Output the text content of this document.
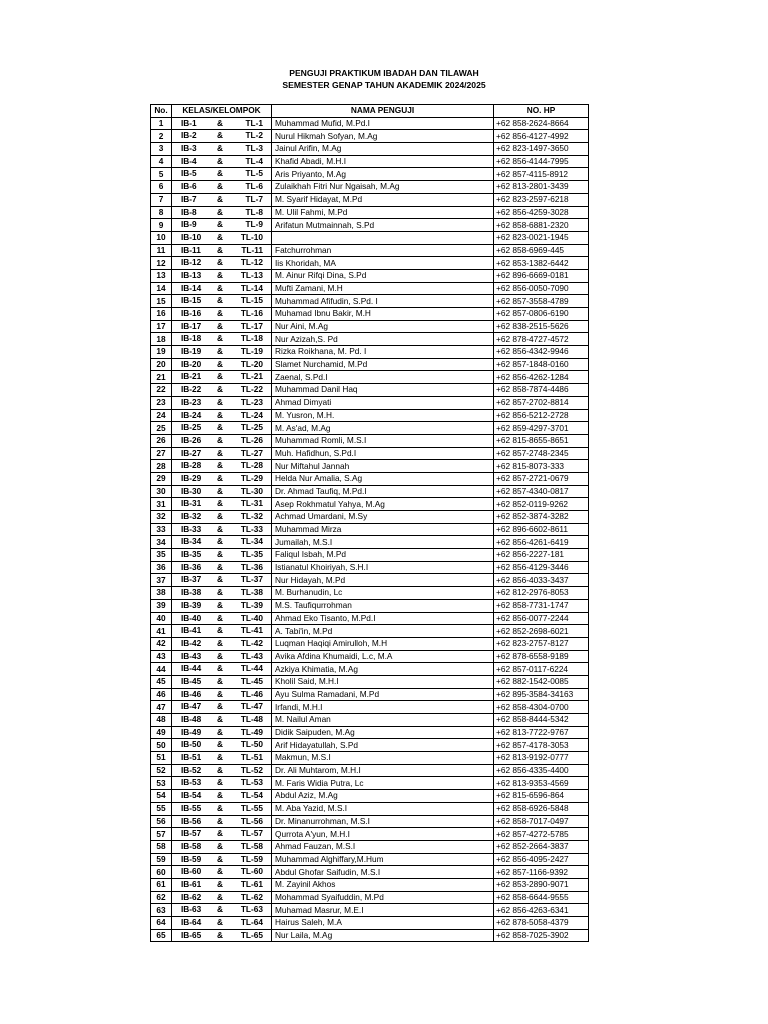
PENGUJI PRAKTIKUM IBADAH DAN TILAWAH
SEMESTER GENAP TAHUN AKADEMIK 2024/2025
No.	KELAS/KELOMPOK	NAMA PENGUJI	NO. HP
1	IB-1 & TL-1	Muhammad Mufid, M.Pd.I	+62 858-2624-8664
2	IB-2 & TL-2	Nurul Hikmah Sofyan, M.Ag	+62 856-4127-4992
3	IB-3 & TL-3	Jainul Arifin, M.Ag	+62 823-1497-3650
4	IB-4 & TL-4	Khafid Abadi, M.H.I	+62 856-4144-7995
5	IB-5 & TL-5	Aris Priyanto, M.Ag	+62 857-4115-8912
6	IB-6 & TL-6	Zulaikhah Fitri Nur Ngaisah, M.Ag	+62 813-2801-3439
7	IB-7 & TL-7	M. Syarif Hidayat, M.Pd	+62 823-2597-6218
8	IB-8 & TL-8	M. Ulil Fahmi, M.Pd	+62 856-4259-3028
9	IB-9 & TL-9	Arifatun Mutmainnah, S.Pd	+62 858-6881-2320
10	IB-10 & TL-10		+62 823-0021-1945
11	IB-11 & TL-11	Fatchurrohman	+62 858-6969-445
12	IB-12 & TL-12	Iis Khoridah, MA	+62 853-1382-6442
13	IB-13 & TL-13	M. Ainur Rifqi Dina, S.Pd	+62 896-6669-0181
14	IB-14 & TL-14	Mufti Zamani, M.H	+62 856-0050-7090
15	IB-15 & TL-15	Muhammad Afifudin, S.Pd. I	+62 857-3558-4789
16	IB-16 & TL-16	Muhamad Ibnu Bakir, M.H	+62 857-0806-6190
17	IB-17 & TL-17	Nur Aini, M.Ag	+62 838-2515-5626
18	IB-18 & TL-18	Nur Azizah,S. Pd	+62 878-4727-4572
19	IB-19 & TL-19	Rizka Roikhana, M. Pd. I	+62 856-4342-9946
20	IB-20 & TL-20	Slamet Nurchamid, M.Pd	+62 857-1848-0160
21	IB-21 & TL-21	Zaenal, S.Pd.I	+62 856-4262-1284
22	IB-22 & TL-22	Muhammad Danil Haq	+62 858-7874-4486
23	IB-23 & TL-23	Ahmad Dimyati	+62 857-2702-8814
24	IB-24 & TL-24	M. Yusron, M.H.	+62 856-5212-2728
25	IB-25 & TL-25	M. As'ad, M.Ag	+62 859-4297-3701
26	IB-26 & TL-26	Muhammad Romli, M.S.I	+62 815-8655-8651
27	IB-27 & TL-27	Muh. Hafidhun, S.Pd.I	+62 857-2748-2345
28	IB-28 & TL-28	Nur Miftahul Jannah	+62 815-8073-333
29	IB-29 & TL-29	Helda Nur Amalia, S.Ag	+62 857-2721-0679
30	IB-30 & TL-30	Dr. Ahmad Taufiq, M.Pd.I	+62 857-4340-0817
31	IB-31 & TL-31	Asep Rokhmatul Yahya, M.Ag	+62 852-0119-9262
32	IB-32 & TL-32	Achmad Umardani, M.Sy	+62 852-3874-3282
33	IB-33 & TL-33	Muhammad Mirza	+62 896-6602-8611
34	IB-34 & TL-34	Jumailah, M.S.I	+62 856-4261-6419
35	IB-35 & TL-35	Faliqul Isbah, M.Pd	+62 856-2227-181
36	IB-36 & TL-36	Istianatul Khoiriyah, S.H.I	+62 856-4129-3446
37	IB-37 & TL-37	Nur Hidayah, M.Pd	+62 856-4033-3437
38	IB-38 & TL-38	M. Burhanudin, Lc	+62 812-2976-8053
39	IB-39 & TL-39	M.S. Taufiqurrohman	+62 858-7731-1747
40	IB-40 & TL-40	Ahmad Eko Tisanto, M.Pd.I	+62 856-0077-2244
41	IB-41 & TL-41	A. Tabi'in, M.Pd	+62 852-2698-6021
42	IB-42 & TL-42	Luqman Haqiqi Amirulloh, M.H	+62 823-2757-8127
43	IB-43 & TL-43	Avika Afdina Khumaidi, L.c, M.A	+62 878-6558-9189
44	IB-44 & TL-44	Azkiya Khimatia, M.Ag	+62 857-0117-6224
45	IB-45 & TL-45	Kholil Said, M.H.I	+62 882-1542-0085
46	IB-46 & TL-46	Ayu Sulma Ramadani, M.Pd	+62 895-3584-34163
47	IB-47 & TL-47	Irfandi, M.H.I	+62 858-4304-0700
48	IB-48 & TL-48	M. Nailul Aman	+62 858-8444-5342
49	IB-49 & TL-49	Didik Saipuden, M.Ag	+62 813-7722-9767
50	IB-50 & TL-50	Arif Hidayatullah, S.Pd	+62 857-4178-3053
51	IB-51 & TL-51	Makmun, M.S.I	+62 813-9192-0777
52	IB-52 & TL-52	Dr. Ali Muhtarom, M.H.I	+62 856-4335-4400
53	IB-53 & TL-53	M. Faris Widia Putra, Lc	+62 813-9353-4569
54	IB-54 & TL-54	Abdul Aziz, M.Ag	+62 815-6596-864
55	IB-55 & TL-55	M. Aba Yazid, M.S.I	+62 858-6926-5848
56	IB-56 & TL-56	Dr. Minanurrohman, M.S.I	+62 858-7017-0497
57	IB-57 & TL-57	Qurrota A'yun, M.H.I	+62 857-4272-5785
58	IB-58 & TL-58	Ahmad Fauzan, M.S.I	+62 852-2664-3837
59	IB-59 & TL-59	Muhammad Alghiffary,M.Hum	+62 856-4095-2427
60	IB-60 & TL-60	Abdul Ghofar Saifudin, M.S.I	+62 857-1166-9392
61	IB-61 & TL-61	M. Zayinil Akhos	+62 853-2890-9071
62	IB-62 & TL-62	Mohammad Syaifuddin, M.Pd	+62 858-6644-9555
63	IB-63 & TL-63	Muhamad Masrur, M.E.I	+62 856-4263-6341
64	IB-64 & TL-64	Hairus Saleh, M.A	+62 878-5058-4379
65	IB-65 & TL-65	Nur Laila, M.Ag	+62 858-7025-3902
